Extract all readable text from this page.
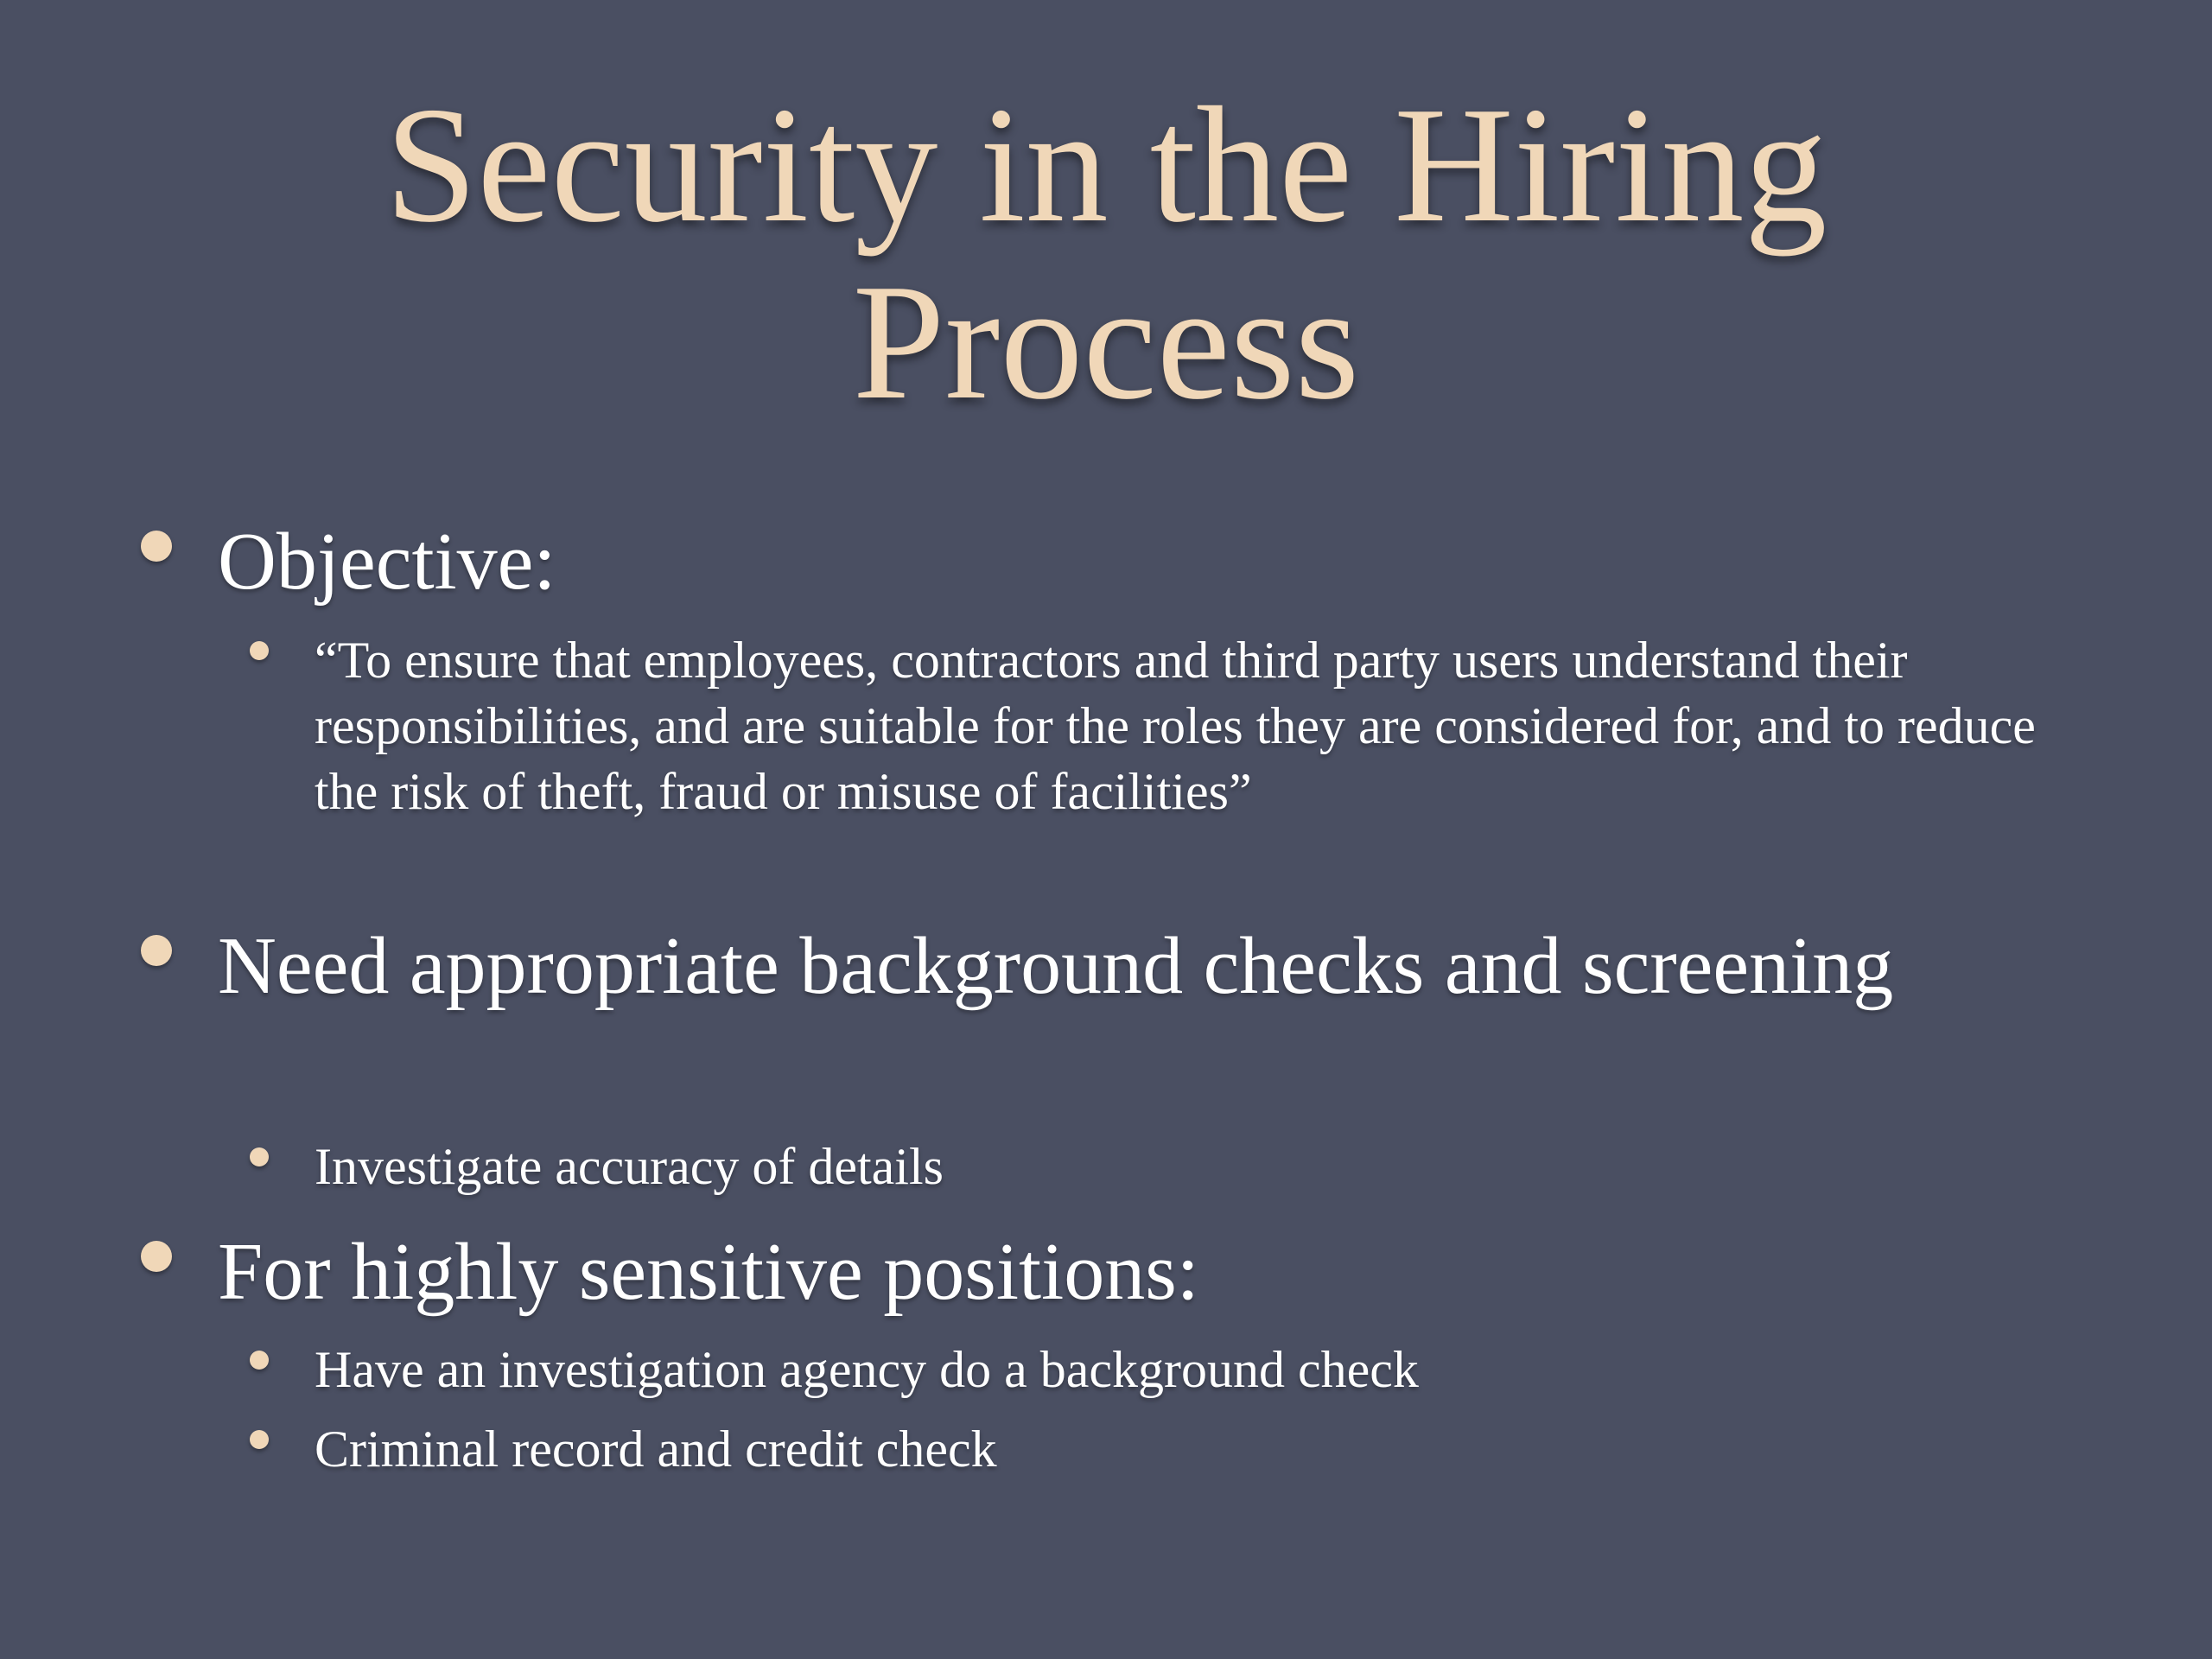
Security in the Hiring Process

Objective:

“To ensure that employees, contractors and third party users understand their responsibilities, and are suitable for the roles they are considered for, and to reduce the risk of theft, fraud or misuse of facilities”

Need appropriate background checks and screening

Investigate accuracy of details

For highly sensitive positions:

Have an investigation agency do a background check

Criminal record and credit check
